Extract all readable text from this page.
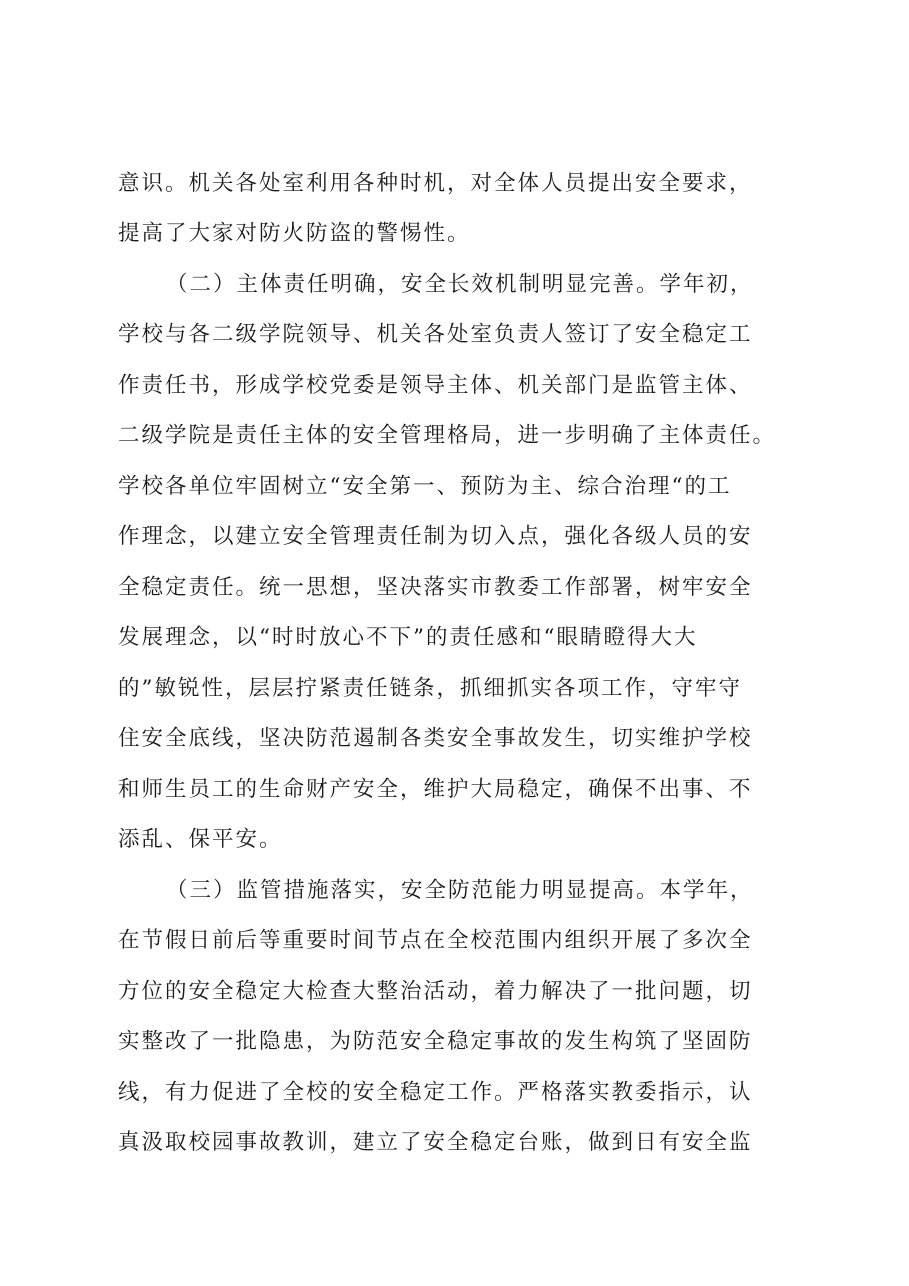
意识。机关各处室利用各种时机，对全体人员提出安全要求，
提高了大家对防火防盗的警惕性。
（二）主体责任明确，安全长效机制明显完善。学年初，
学校与各二级学院领导、机关各处室负责人签订了安全稳定工
作责任书，形成学校党委是领导主体、机关部门是监管主体、
二级学院是责任主体的安全管理格局，进一步明确了主体责任。
学校各单位牢固树立“安全第一、预防为主、综合治理“的工
作理念，以建立安全管理责任制为切入点，强化各级人员的安
全稳定责任。统一思想，坚决落实市教委工作部署，树牢安全
发展理念，以“时时放心不下”的责任感和“眼睛瞪得大大
的”敏锐性，层层拧紧责任链条，抓细抓实各项工作，守牢守
住安全底线，坚决防范遏制各类安全事故发生，切实维护学校
和师生员工的生命财产安全，维护大局稳定，确保不出事、不
添乱、保平安。
（三）监管措施落实，安全防范能力明显提高。本学年，
在节假日前后等重要时间节点在全校范围内组织开展了多次全
方位的安全稳定大检查大整治活动，着力解决了一批问题，切
实整改了一批隐患，为防范安全稳定事故的发生构筑了坚固防
线，有力促进了全校的安全稳定工作。严格落实教委指示，认
真汲取校园事故教训，建立了安全稳定台账，做到日有安全监
